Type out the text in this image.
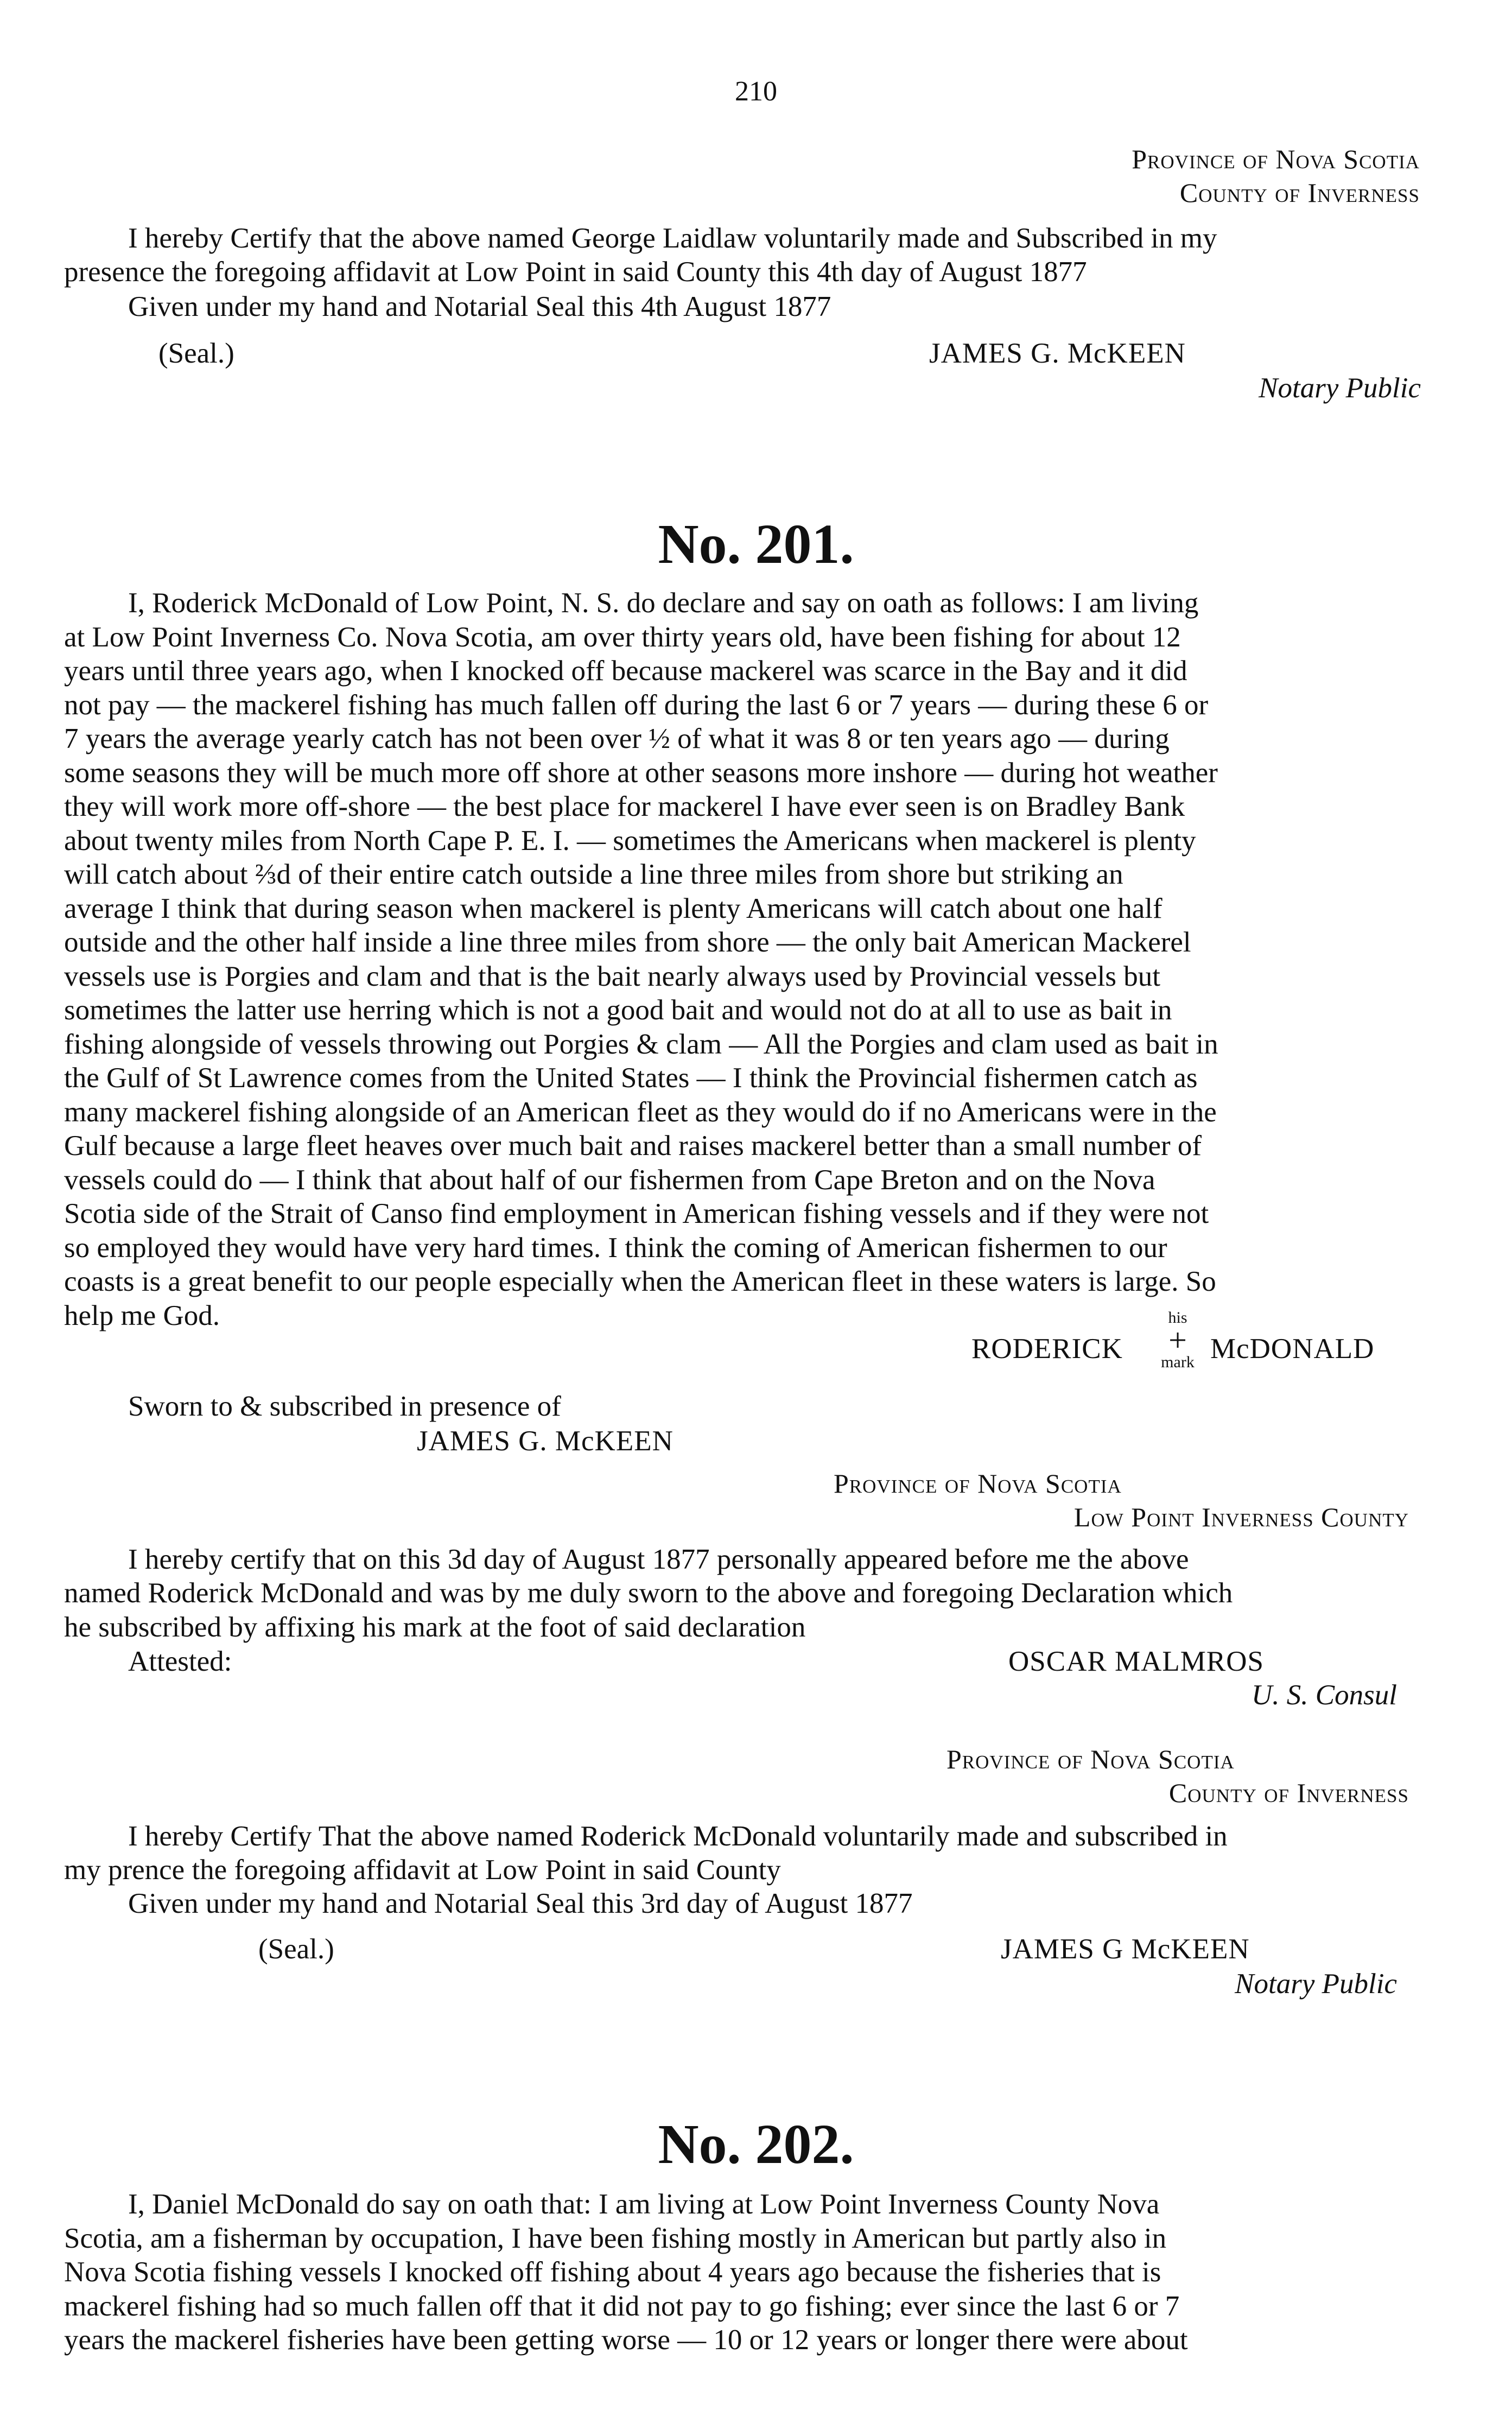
210
Province of Nova Scotia
County of Inverness
I hereby Certify that the above named George Laidlaw voluntarily made and Subscribed in my
presence the foregoing affidavit at Low Point in said County this 4th day of August 1877
Given under my hand and Notarial Seal this 4th August 1877
(Seal.)	JAMES G. McKEEN
Notary Public
No. 201.
I, Roderick McDonald of Low Point, N. S. do declare and say on oath as follows: I am living
at Low Point Inverness Co. Nova Scotia, am over thirty years old, have been fishing for about 12
years until three years ago, when I knocked off because mackerel was scarce in the Bay and it did
not pay — the mackerel fishing has much fallen off during the last 6 or 7 years — during these 6 or
7 years the average yearly catch has not been over ½ of what it was 8 or ten years ago — during
some seasons they will be much more off shore at other seasons more inshore — during hot weather
they will work more off-shore — the best place for mackerel I have ever seen is on Bradley Bank
about twenty miles from North Cape P. E. I. — sometimes the Americans when mackerel is plenty
will catch about ⅔d of their entire catch outside a line three miles from shore but striking an
average I think that during season when mackerel is plenty Americans will catch about one half
outside and the other half inside a line three miles from shore — the only bait American Mackerel
vessels use is Porgies and clam and that is the bait nearly always used by Provincial vessels but
sometimes the latter use herring which is not a good bait and would not do at all to use as bait in
fishing alongside of vessels throwing out Porgies & clam — All the Porgies and clam used as bait in
the Gulf of St Lawrence comes from the United States — I think the Provincial fishermen catch as
many mackerel fishing alongside of an American fleet as they would do if no Americans were in the
Gulf because a large fleet heaves over much bait and raises mackerel better than a small number of
vessels could do — I think that about half of our fishermen from Cape Breton and on the Nova
Scotia side of the Strait of Canso find employment in American fishing vessels and if they were not
so employed they would have very hard times. I think the coming of American fishermen to our
coasts is a great benefit to our people especially when the American fleet in these waters is large. So
help me God.
RODERICK
his
+
mark McDONALD
Sworn to & subscribed in presence of
JAMES G. McKEEN
Province of Nova Scotia
Low Point Inverness County
I hereby certify that on this 3d day of August 1877 personally appeared before me the above
named Roderick McDonald and was by me duly sworn to the above and foregoing Declaration which
he subscribed by affixing his mark at the foot of said declaration
Attested:	OSCAR MALMROS
U. S. Consul
Province of Nova Scotia
County of Inverness
I hereby Certify That the above named Roderick McDonald voluntarily made and subscribed in
my prence the foregoing affidavit at Low Point in said County
Given under my hand and Notarial Seal this 3rd day of August 1877
(Seal.)	JAMES G McKEEN
Notary Public
No. 202.
I, Daniel McDonald do say on oath that: I am living at Low Point Inverness County Nova
Scotia, am a fisherman by occupation, I have been fishing mostly in American but partly also in
Nova Scotia fishing vessels I knocked off fishing about 4 years ago because the fisheries that is
mackerel fishing had so much fallen off that it did not pay to go fishing; ever since the last 6 or 7
years the mackerel fisheries have been getting worse — 10 or 12 years or longer there were about
